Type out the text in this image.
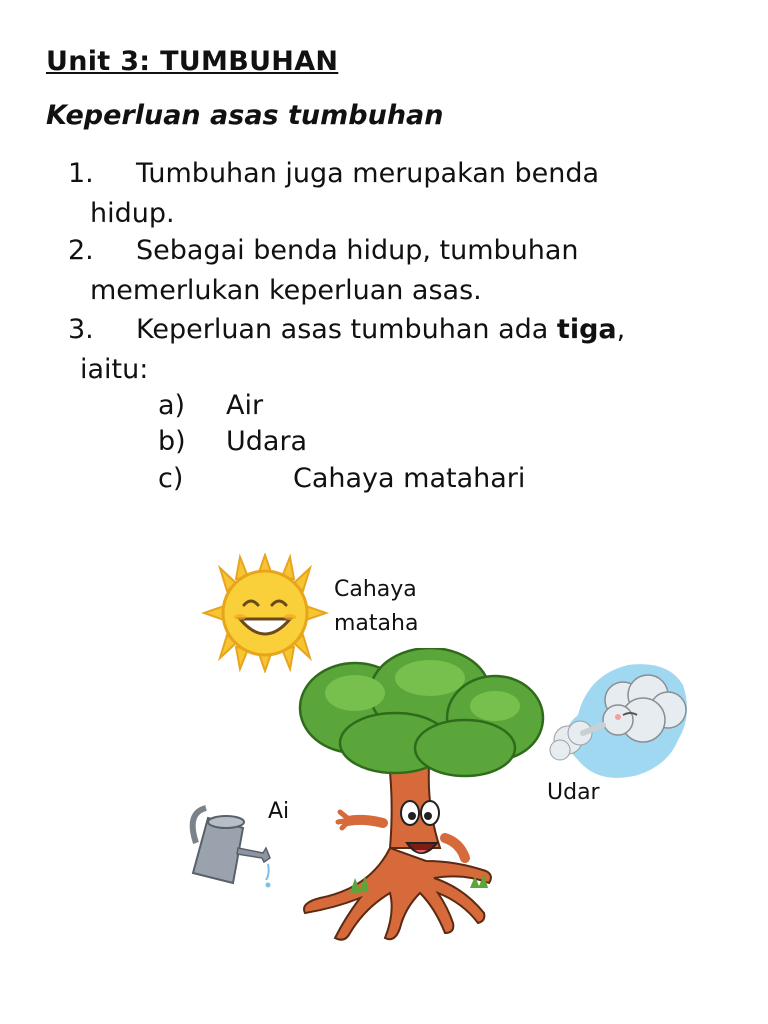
Unit 3: TUMBUHAN
Keperluan asas tumbuhan
1. Tumbuhan juga merupakan benda
hidup.
2. Sebagai benda hidup, tumbuhan
memerlukan keperluan asas.
3. Keperluan asas tumbuhan ada tiga,
iaitu:
a) Air
b) Udara
c)	Cahaya matahari
Cahaya
mataha
Udar
Ai
